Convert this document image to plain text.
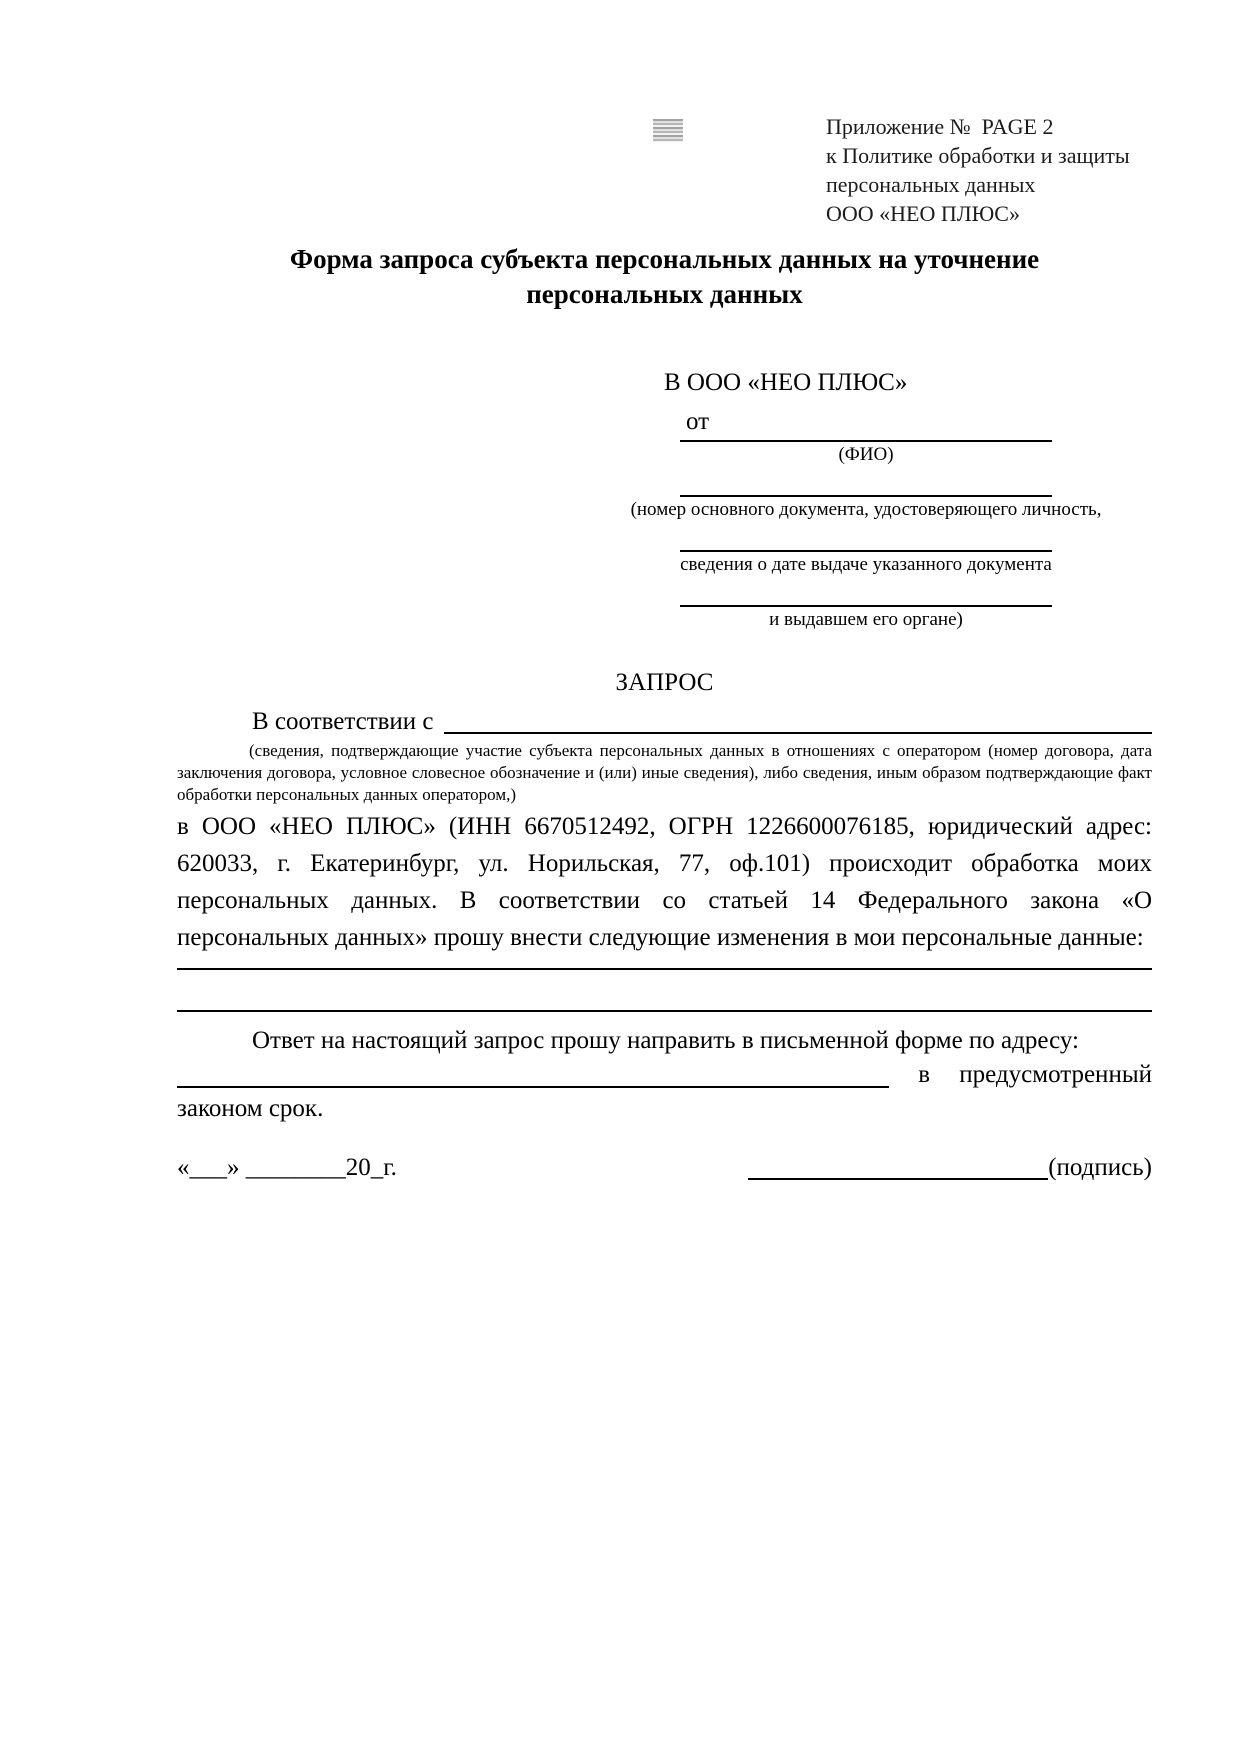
Приложение №  PAGE 2
к Политике обработки и защиты
персональных данных
ООО «НЕО ПЛЮС»
Форма запроса субъекта персональных данных на уточнение
персональных данных
В ООО «НЕО ПЛЮС»
от
(ФИО)
(номер основного документа, удостоверяющего личность,
сведения о дате выдаче указанного документа
и выдавшем его органе)
ЗАПРОС
В соответствии с

(сведения, подтверждающие участие субъекта персональных данных в отношениях с оператором (номер договора, дата заключения договора, условное словесное обозначение и (или) иные сведения), либо сведения, иным образом подтверждающие факт обработки персональных данных оператором,)

в ООО «НЕО ПЛЮС» (ИНН 6670512492, ОГРН 1226600076185, юридический адрес: 620033, г. Екатеринбург, ул. Норильская, 77, оф.101) происходит обработка моих персональных данных. В соответствии со статьей 14 Федерального закона «О персональных данных» прошу внести следующие изменения в мои персональные данные:

Ответ на настоящий запрос прошу направить в письменной форме по адресу:
в предусмотренный
законом срок.
«___» ________20_г.	(подпись)
